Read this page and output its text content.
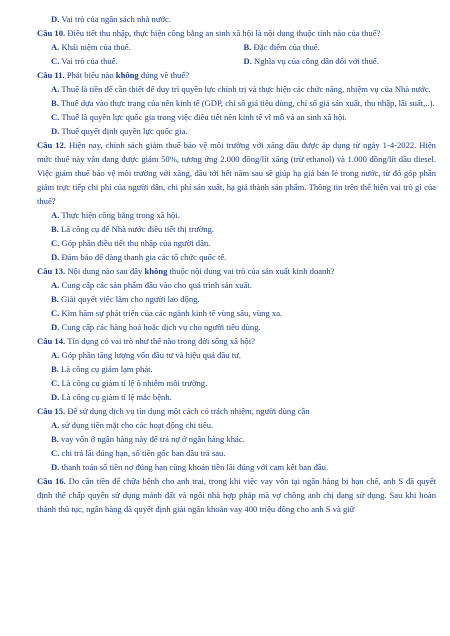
D. Vai trò của ngân sách nhà nước.
Câu 10. Điều tiết thu nhập, thực hiện công bằng an sinh xã hội là nội dung thuộc tính nào của thuế?
A. Khái niệm của thuế.	B. Đặc điểm của thuế.
C. Vai trò của thuế.	D. Nghĩa vụ của công dân đối với thuế.
Câu 11. Phát biểu nào không đúng về thuế?
A. Thuế là tiền để cần thiết để duy trì quyền lực chính trị và thực hiện các chức năng, nhiệm vụ của Nhà nước.
B. Thuế dựa vào thực trạng của nền kinh tế (GDP, chỉ số giá tiêu dùng, chỉ số giá sản xuất, thu nhập, lãi suất,..).
C. Thuế là quyền lực quốc gia trong việc điều tiết nền kinh tế vĩ mô và an sinh xã hội.
D. Thuế quyết định quyền lực quốc gia.
Câu 12. Hiện nay, chính sách giảm thuế bảo vệ môi trường với xăng dầu được áp dụng từ ngày 1-4-2022. Hiện mức thuế này vẫn đang được giảm 50%, tương ứng 2.000 đồng/lít xăng (trừ ethanol) và 1.000 đồng/lít dầu diesel. Việc giảm thuế bảo vệ môi trường với xăng, dầu tới hết năm sau sẽ giúp hạ giá bán lẻ trong nước, từ đó góp phần giảm trực tiếp chi phí của người dân, chi phí sản xuất, hạ giá thành sản phẩm. Thông tin trên thể hiện vai trò gì của thuế?
A. Thực hiện công bằng trong xã hội.
B. Là công cụ để Nhà nước điều tiết thị trường.
C. Góp phần điều tiết thu nhập của người dân.
D. Đảm bảo để dàng thanh gia các tổ chức quốc tế.
Câu 13. Nội dung nào sau đây không thuộc nội dung vai trò của sản xuất kinh doanh?
A. Cung cấp các sản phẩm đầu vào cho quá trình sản xuất.
B. Giải quyết việc làm cho người lao động.
C. Kìm hãm sự phát triển của các ngành kinh tế vùng sâu, vùng xa.
D. Cung cấp các hàng hoá hoặc dịch vụ cho người tiêu dùng.
Câu 14. Tín dụng có vai trò như thế nào trong đời sống xã hội?
A. Góp phần tăng lượng vốn đầu tư và hiệu quả đầu tư.
B. Là công cụ giảm lạm phát.
C. Là công cụ giảm tỉ lệ ô nhiễm môi trường.
D. Là công cụ giảm tỉ lệ mắc bệnh.
Câu 15. Để sử dụng dịch vụ tín dụng một cách có trách nhiệm, người dùng cần
A. sử dụng tiền mặt cho các hoạt động chi tiêu.
B. vay vốn ở ngân hàng này để trả nợ ở ngân hàng khác.
C. chi trả lãi đúng hạn, số tiền gốc ban đầu trả sau.
D. thanh toán số tiền nợ đúng hạn cùng khoản tiền lãi đúng với cam kết ban đầu.
Câu 16. Do cần tiền để chữa bệnh cho anh trai, trong khi việc vay vốn tại ngân hàng bị hạn chế, anh S đã quyết định thế chấp quyền sử dụng mảnh đất và ngôi nhà hợp pháp mà vợ chồng anh chị đang sử dụng. Sau khi hoàn thành thủ tục, ngân hàng đã quyết định giải ngân khoản vay 400 triệu đồng cho anh S và giữ
